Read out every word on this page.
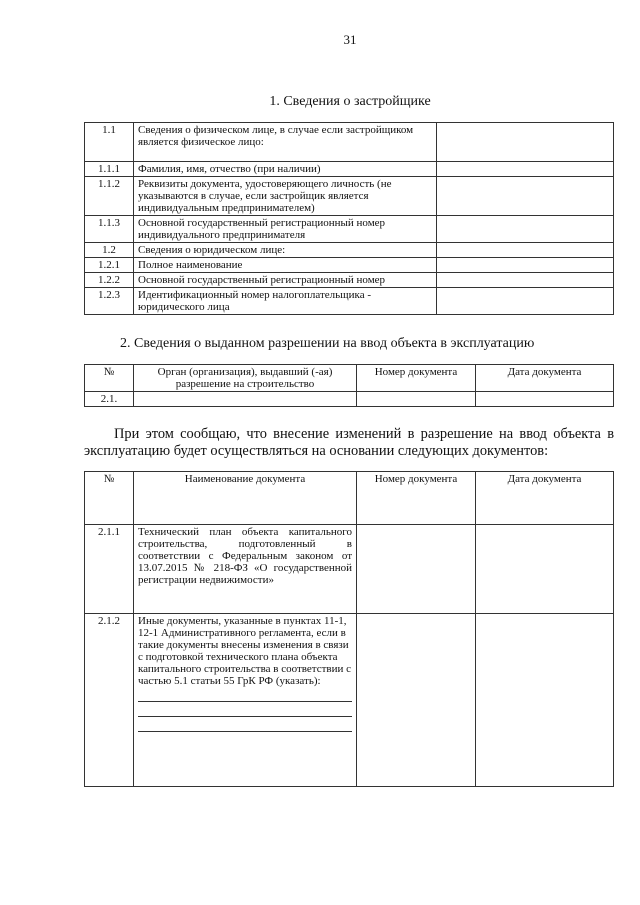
31
1. Сведения о застройщике
1.1	Сведения о физическом лице, в случае если застройщиком является физическое лицо:

1.1.1	Фамилия, имя, отчество (при наличии)	
1.1.2	Реквизиты документа, удостоверяющего личность (не указываются в случае, если застройщик является индивидуальным предпринимателем)	
1.1.3	Основной государственный регистрационный номер индивидуального предпринимателя	
1.2	Сведения о юридическом лице:	
1.2.1	Полное наименование	
1.2.2	Основной государственный регистрационный номер	
1.2.3	Идентификационный номер налогоплательщика - юридического лица	
2. Сведения о выданном разрешении на ввод объекта в эксплуатацию
№	Орган (организация), выдавший (-ая) разрешение на строительство	Номер документа	Дата документа
2.1.			
При этом сообщаю, что внесение изменений в разрешение на ввод объекта в эксплуатацию будет осуществляться на основании следующих документов:
№	Наименование документа	Номер документа	Дата документа
2.1.1	Технический план объекта капитального строительства, подготовленный в соответствии с Федеральным законом от 13.07.2015 № 218-ФЗ «О государственной регистрации недвижимости»		
2.1.2	Иные документы, указанные в пунктах 11-1, 12-1 Административного регламента, если в такие документы внесены изменения в связи с подготовкой технического плана объекта капитального строительства в соответствии с частью 5.1 статьи 55 ГрК РФ (указать):
